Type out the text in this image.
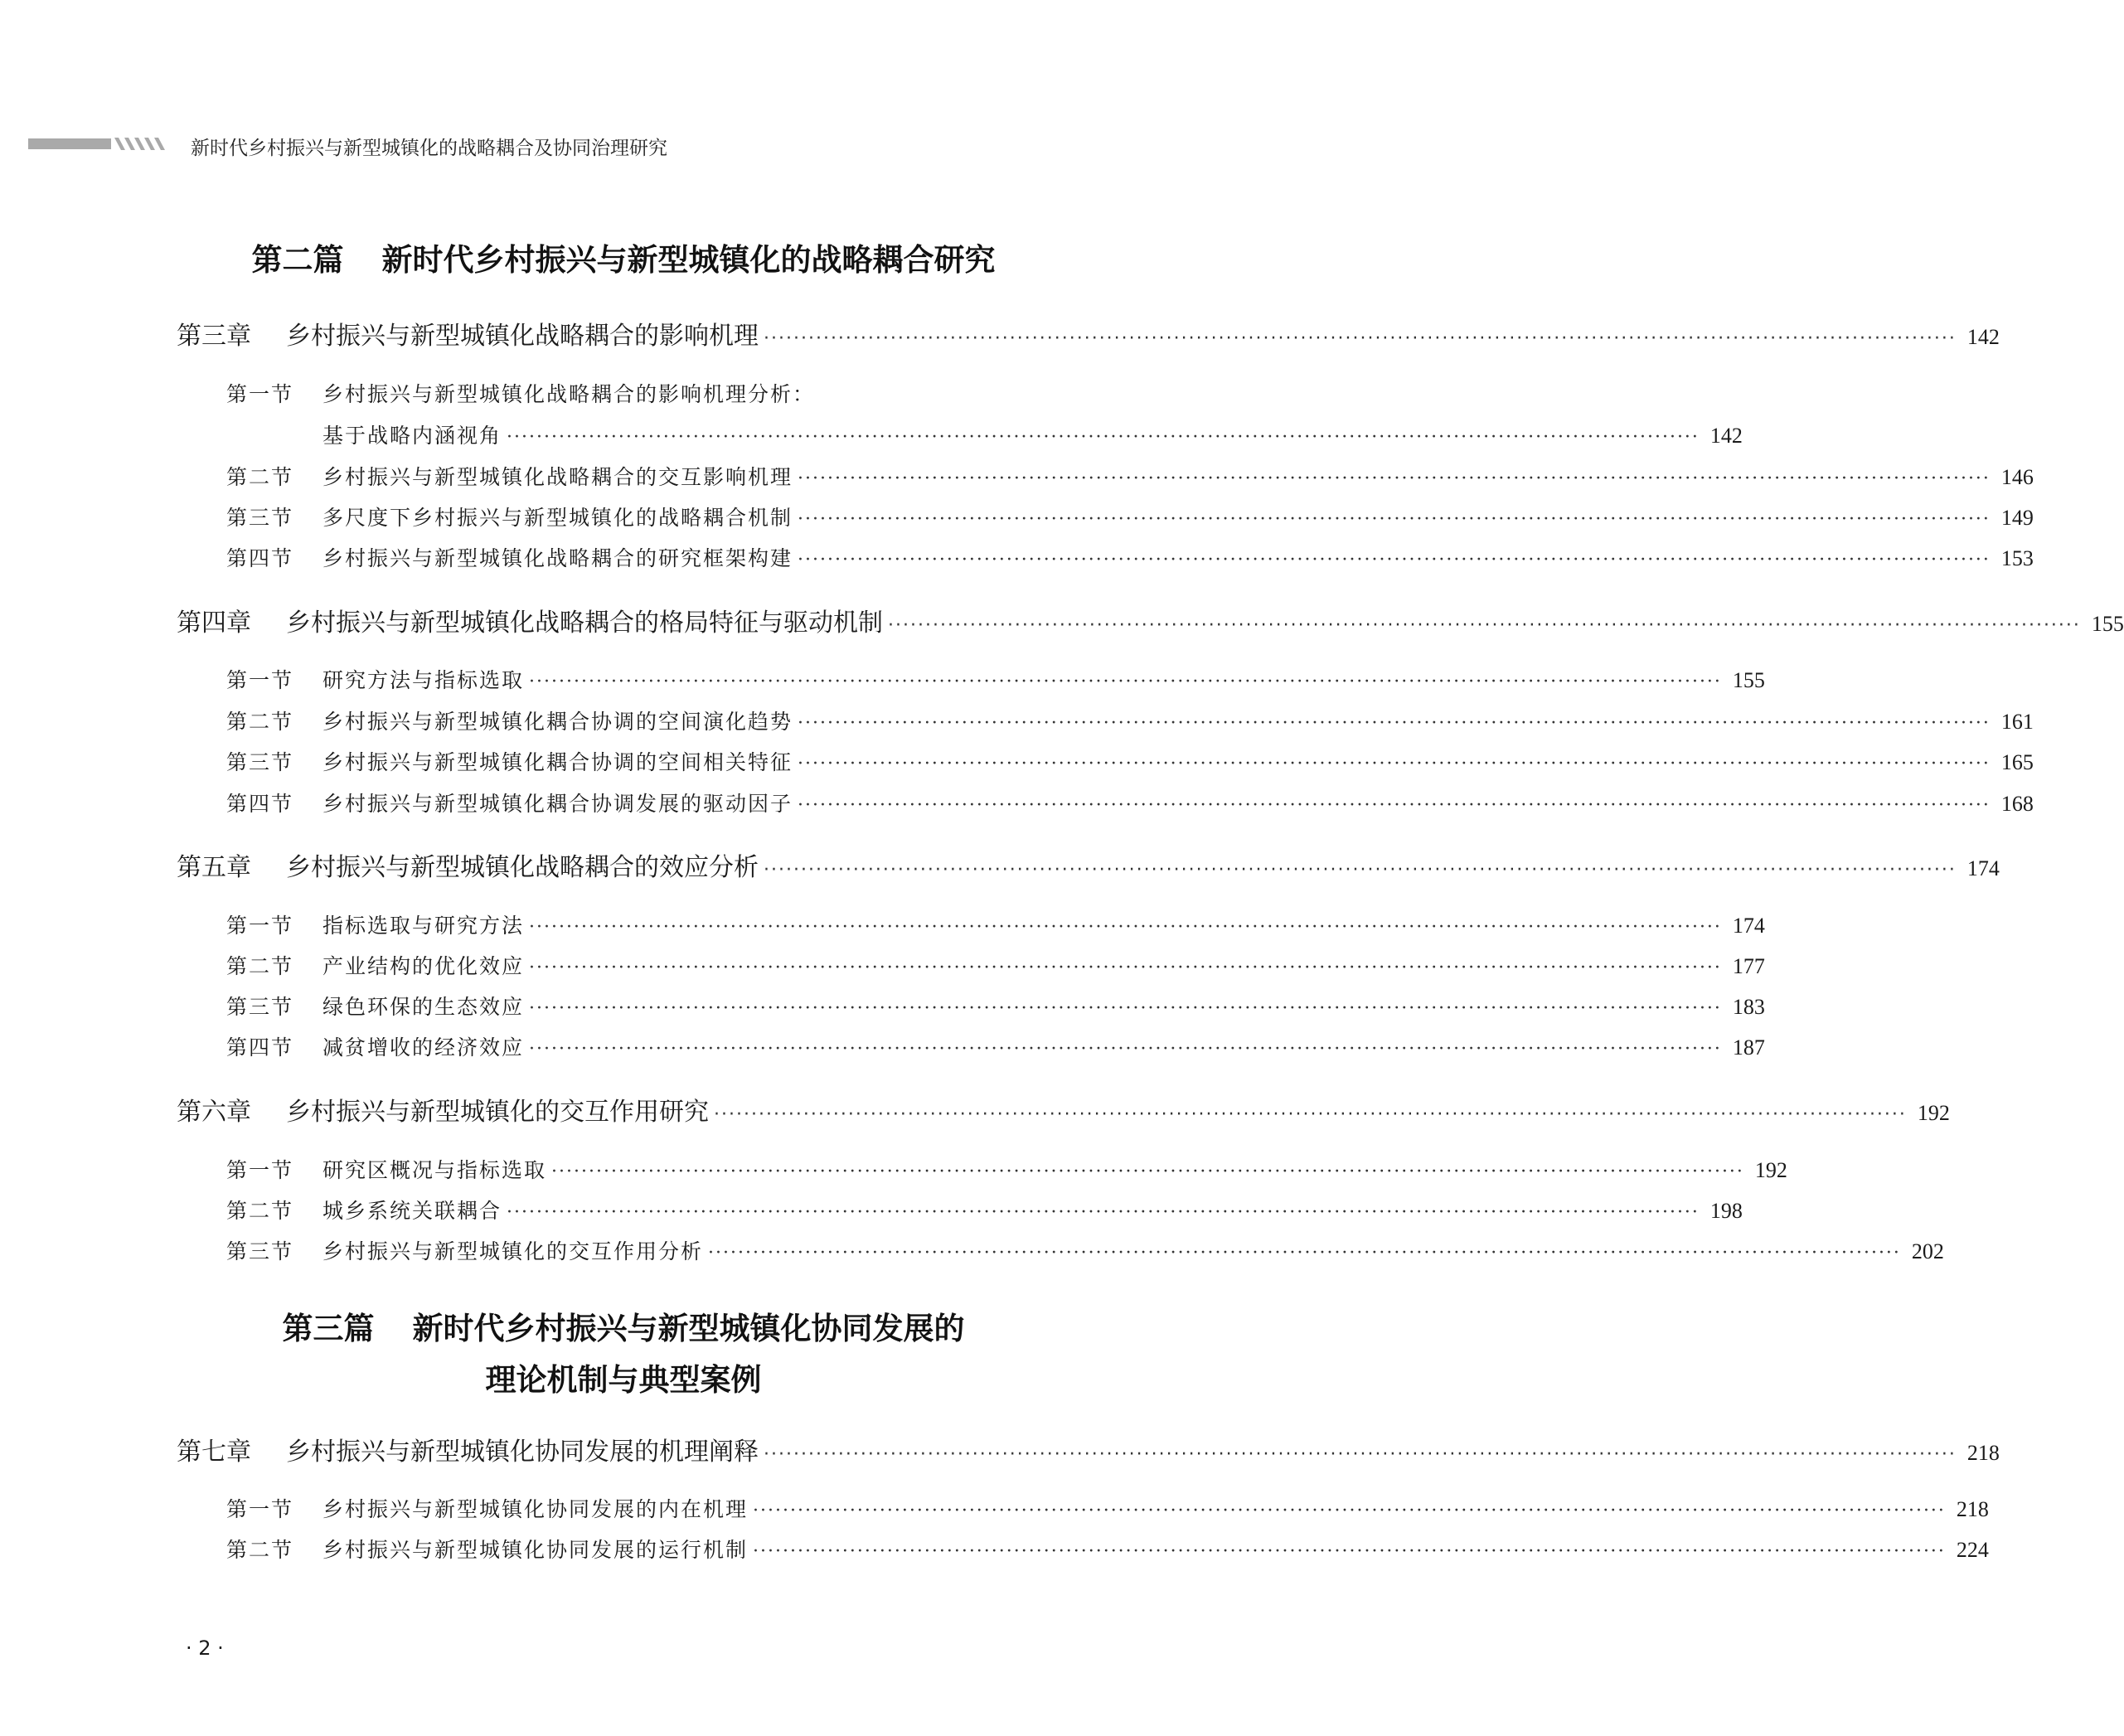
新时代乡村振兴与新型城镇化的战略耦合及协同治理研究
第二篇 新时代乡村振兴与新型城镇化的战略耦合研究
第三章	乡村振兴与新型城镇化战略耦合的影响机理 ································································································································································ 142
第一节	乡村振兴与新型城镇化战略耦合的影响机理分析：
基于战略内涵视角 ································································································································································ 142
第二节	乡村振兴与新型城镇化战略耦合的交互影响机理 ································································································································································ 146
第三节	多尺度下乡村振兴与新型城镇化的战略耦合机制 ································································································································································ 149
第四节	乡村振兴与新型城镇化战略耦合的研究框架构建 ································································································································································ 153
第四章	乡村振兴与新型城镇化战略耦合的格局特征与驱动机制 ································································································································································ 155
第一节	研究方法与指标选取 ································································································································································ 155
第二节	乡村振兴与新型城镇化耦合协调的空间演化趋势 ································································································································································ 161
第三节	乡村振兴与新型城镇化耦合协调的空间相关特征 ································································································································································ 165
第四节	乡村振兴与新型城镇化耦合协调发展的驱动因子 ································································································································································ 168
第五章	乡村振兴与新型城镇化战略耦合的效应分析 ································································································································································ 174
第一节	指标选取与研究方法 ································································································································································ 174
第二节	产业结构的优化效应 ································································································································································ 177
第三节	绿色环保的生态效应 ································································································································································ 183
第四节	减贫增收的经济效应 ································································································································································ 187
第六章	乡村振兴与新型城镇化的交互作用研究 ································································································································································ 192
第一节	研究区概况与指标选取 ································································································································································ 192
第二节	城乡系统关联耦合 ································································································································································ 198
第三节	乡村振兴与新型城镇化的交互作用分析 ································································································································································ 202
第三篇 新时代乡村振兴与新型城镇化协同发展的
理论机制与典型案例
第七章	乡村振兴与新型城镇化协同发展的机理阐释 ································································································································································ 218
第一节	乡村振兴与新型城镇化协同发展的内在机理 ································································································································································ 218
第二节	乡村振兴与新型城镇化协同发展的运行机制 ································································································································································ 224
· 2 ·
